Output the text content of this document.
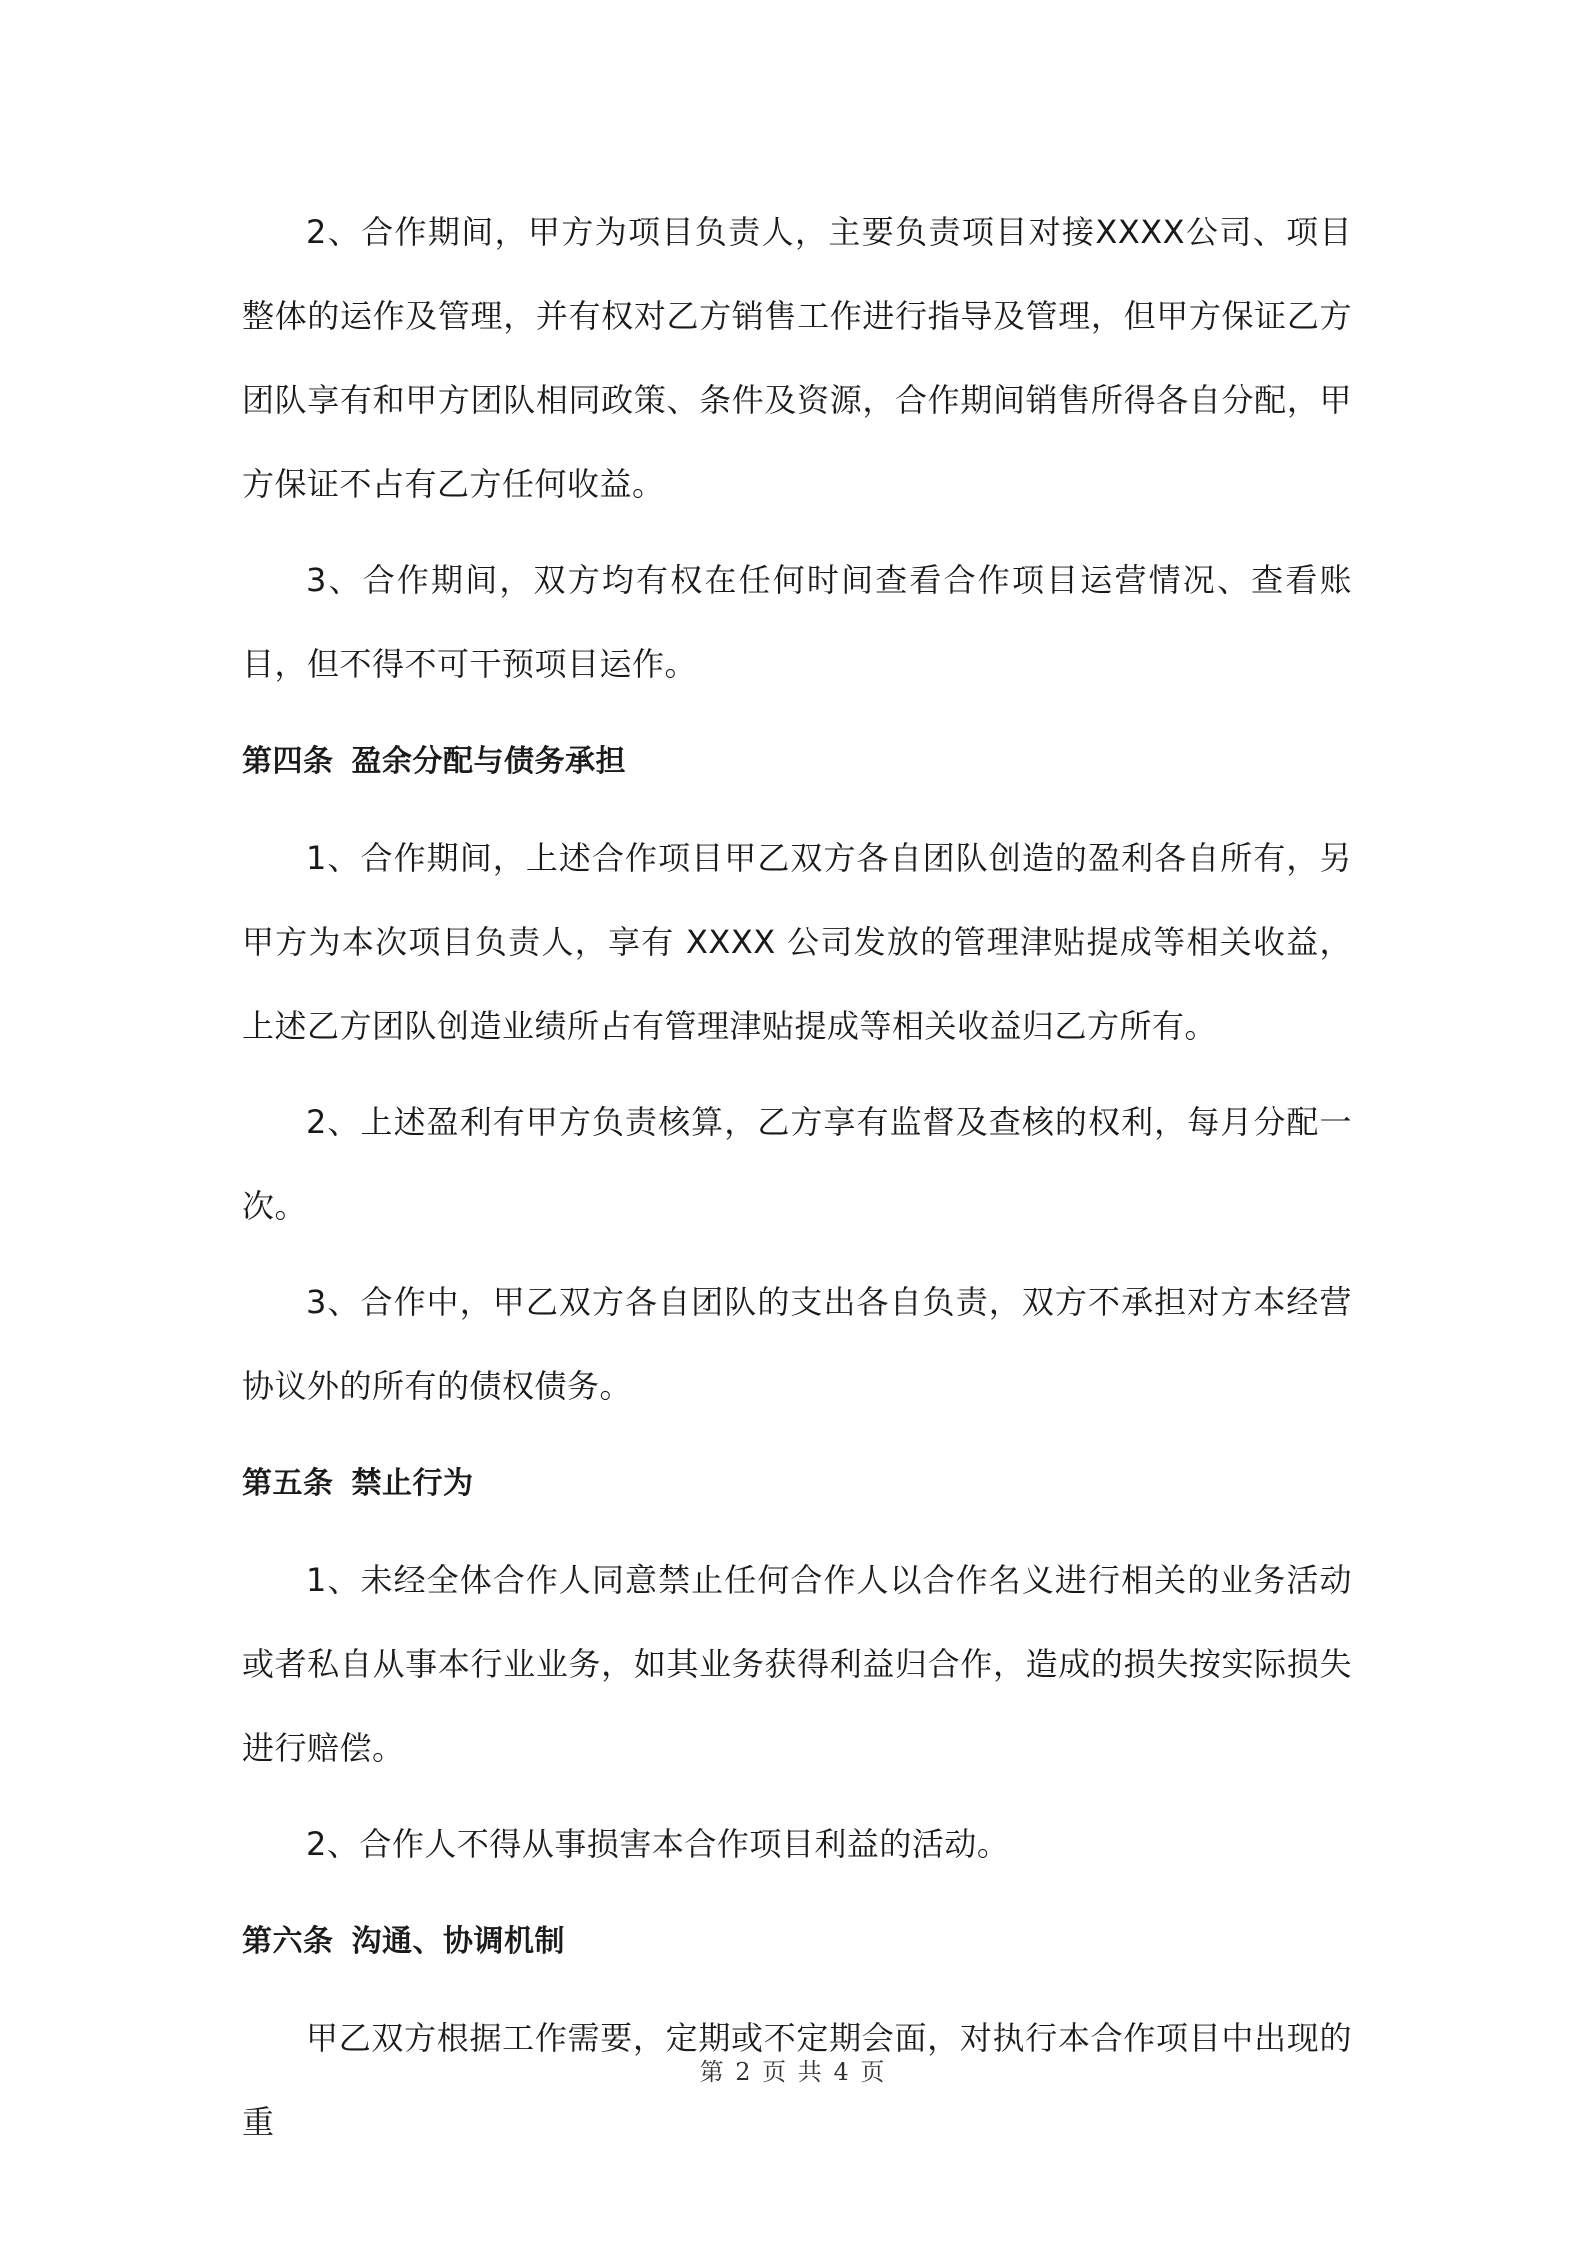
2、合作期间，甲方为项目负责人，主要负责项目对接XXXX公司、项目整体的运作及管理，并有权对乙方销售工作进行指导及管理，但甲方保证乙方团队享有和甲方团队相同政策、条件及资源，合作期间销售所得各自分配，甲方保证不占有乙方任何收益。

3、合作期间，双方均有权在任何时间查看合作项目运营情况、查看账目，但不得不可干预项目运作。

第四条 盈余分配与债务承担

1、合作期间，上述合作项目甲乙双方各自团队创造的盈利各自所有，另甲方为本次项目负责人，享有 XXXX 公司发放的管理津贴提成等相关收益，上述乙方团队创造业绩所占有管理津贴提成等相关收益归乙方所有。

2、上述盈利有甲方负责核算，乙方享有监督及查核的权利，每月分配一次。

3、合作中，甲乙双方各自团队的支出各自负责，双方不承担对方本经营协议外的所有的债权债务。

第五条 禁止行为

1、未经全体合作人同意禁止任何合作人以合作名义进行相关的业务活动或者私自从事本行业业务，如其业务获得利益归合作，造成的损失按实际损失进行赔偿。

2、合作人不得从事损害本合作项目利益的活动。

第六条 沟通、协调机制

甲乙双方根据工作需要，定期或不定期会面，对执行本合作项目中出现的重

第 2 页 共 4 页
